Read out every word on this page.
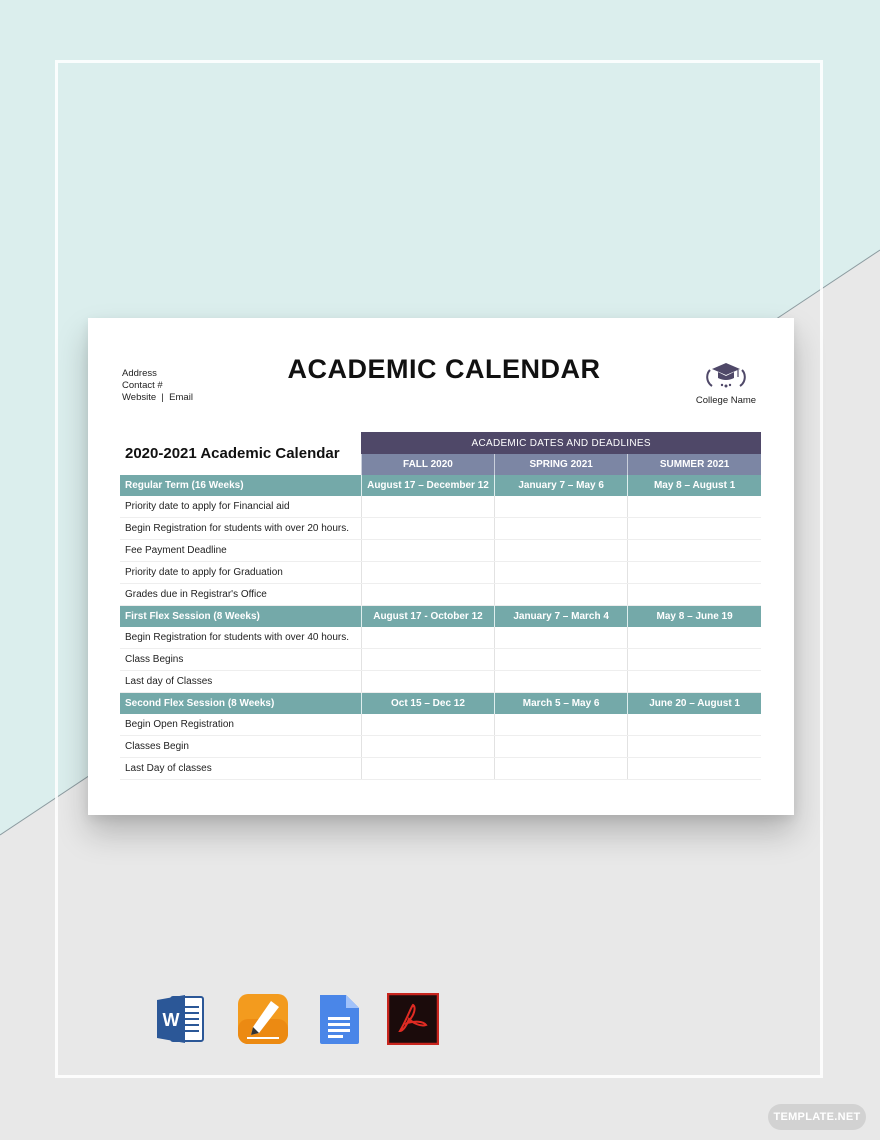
Address
Contact #
Website  |  Email
ACADEMIC CALENDAR
College Name
2020-2021 Academic Calendar	ACADEMIC DATES AND DEADLINES		
	FALL 2020	SPRING 2021	SUMMER 2021
Regular Term (16 Weeks)	August 17 – December 12	January 7 – May 6	May 8 – August 1
Priority date to apply for Financial aid			
Begin Registration for students with over 20 hours.			
Fee Payment Deadline			
Priority date to apply for Graduation			
Grades due in Registrar's Office			
First Flex Session (8 Weeks)	August 17 - October 12	January 7 – March 4	May 8 – June 19
Begin Registration for students with over 40 hours.			
Class Begins			
Last day of Classes			
Second Flex Session (8 Weeks)	Oct 15 – Dec 12	March 5 – May 6	June 20 – August 1
Begin Open Registration			
Classes Begin			
Last Day of classes			
W
TEMPLATE.NET
